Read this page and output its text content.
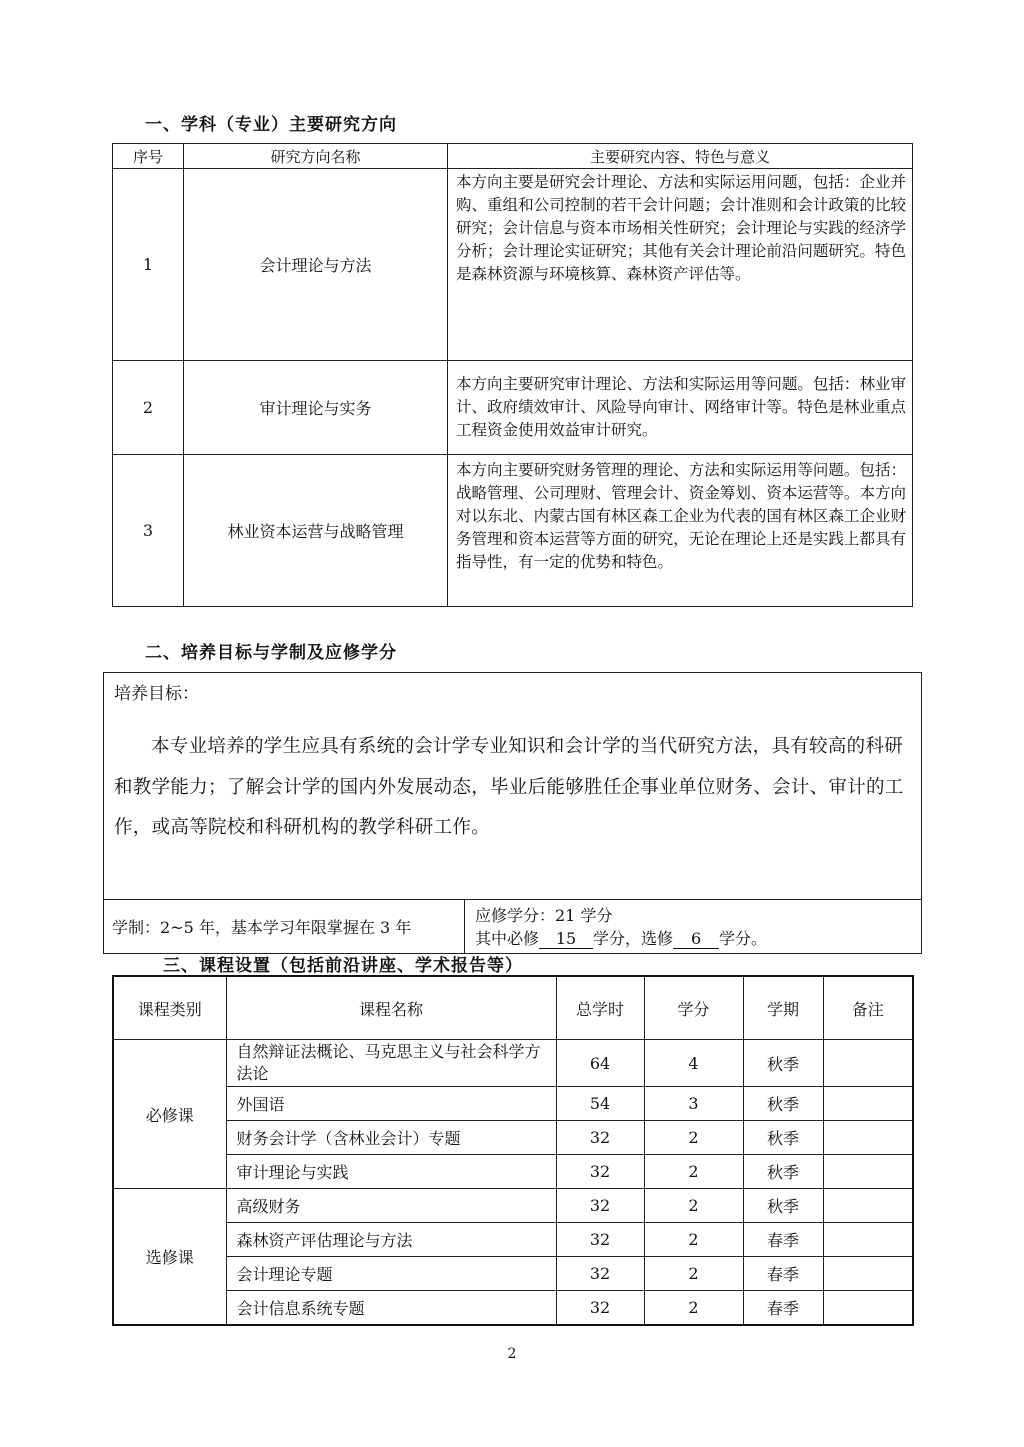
一、学科（专业）主要研究方向
序号	研究方向名称	主要研究内容、特色与意义
1	会计理论与方法	本方向主要是研究会计理论、方法和实际运用问题，包括：企业并购、重组和公司控制的若干会计问题；会计准则和会计政策的比较研究；会计信息与资本市场相关性研究；会计理论与实践的经济学分析；会计理论实证研究；其他有关会计理论前沿问题研究。特色是森林资源与环境核算、森林资产评估等。
2	审计理论与实务	本方向主要研究审计理论、方法和实际运用等问题。包括：林业审计、政府绩效审计、风险导向审计、网络审计等。特色是林业重点工程资金使用效益审计研究。
3	林业资本运营与战略管理	本方向主要研究财务管理的理论、方法和实际运用等问题。包括：战略管理、公司理财、管理会计、资金筹划、资本运营等。本方向对以东北、内蒙古国有林区森工企业为代表的国有林区森工企业财务管理和资本运营等方面的研究，无论在理论上还是实践上都具有指导性，有一定的优势和特色。
二、培养目标与学制及应修学分
培养目标：
本专业培养的学生应具有系统的会计学专业知识和会计学的当代研究方法，具有较高的科研和教学能力；了解会计学的国内外发展动态，毕业后能够胜任企事业单位财务、会计、审计的工作，或高等院校和科研机构的教学科研工作。

学制：2~5 年，基本学习年限掌握在 3 年	
应修学分：21 学分
其中必修 15 学分，选修 6 学分。
三、课程设置（包括前沿讲座、学术报告等）
课程类别	课程名称	总学时	学分	学期	备注
必修课	自然辩证法概论、马克思主义与社会科学方法论	64	4	秋季	
	外国语	54	3	秋季	
	财务会计学（含林业会计）专题	32	2	秋季	
	审计理论与实践	32	2	秋季	
选修课	高级财务	32	2	秋季	
	森林资产评估理论与方法	32	2	春季	
	会计理论专题	32	2	春季	
	会计信息系统专题	32	2	春季	
2
